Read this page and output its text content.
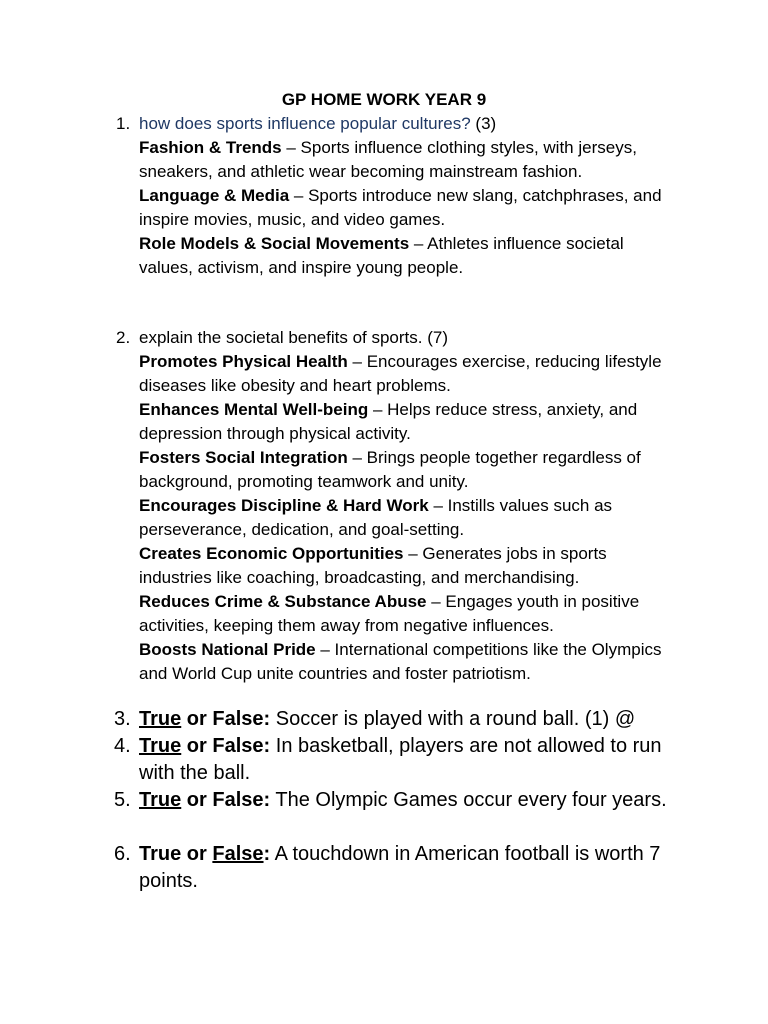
GP HOME WORK YEAR 9
1. how does sports influence popular cultures? (3)

Fashion & Trends – Sports influence clothing styles, with jerseys, sneakers, and athletic wear becoming mainstream fashion.

Language & Media – Sports introduce new slang, catchphrases, and inspire movies, music, and video games.

Role Models & Social Movements – Athletes influence societal values, activism, and inspire young people.

2. explain the societal benefits of sports. (7)

Promotes Physical Health – Encourages exercise, reducing lifestyle diseases like obesity and heart problems.

Enhances Mental Well-being – Helps reduce stress, anxiety, and depression through physical activity.

Fosters Social Integration – Brings people together regardless of background, promoting teamwork and unity.

Encourages Discipline & Hard Work – Instills values such as perseverance, dedication, and goal-setting.

Creates Economic Opportunities – Generates jobs in sports industries like coaching, broadcasting, and merchandising.

Reduces Crime & Substance Abuse – Engages youth in positive activities, keeping them away from negative influences.

Boosts National Pride – International competitions like the Olympics and World Cup unite countries and foster patriotism.

3. True or False: Soccer is played with a round ball. (1) @

4. True or False: In basketball, players are not allowed to run with the ball.

5. True or False: The Olympic Games occur every four years.

6. True or False: A touchdown in American football is worth 7 points.
